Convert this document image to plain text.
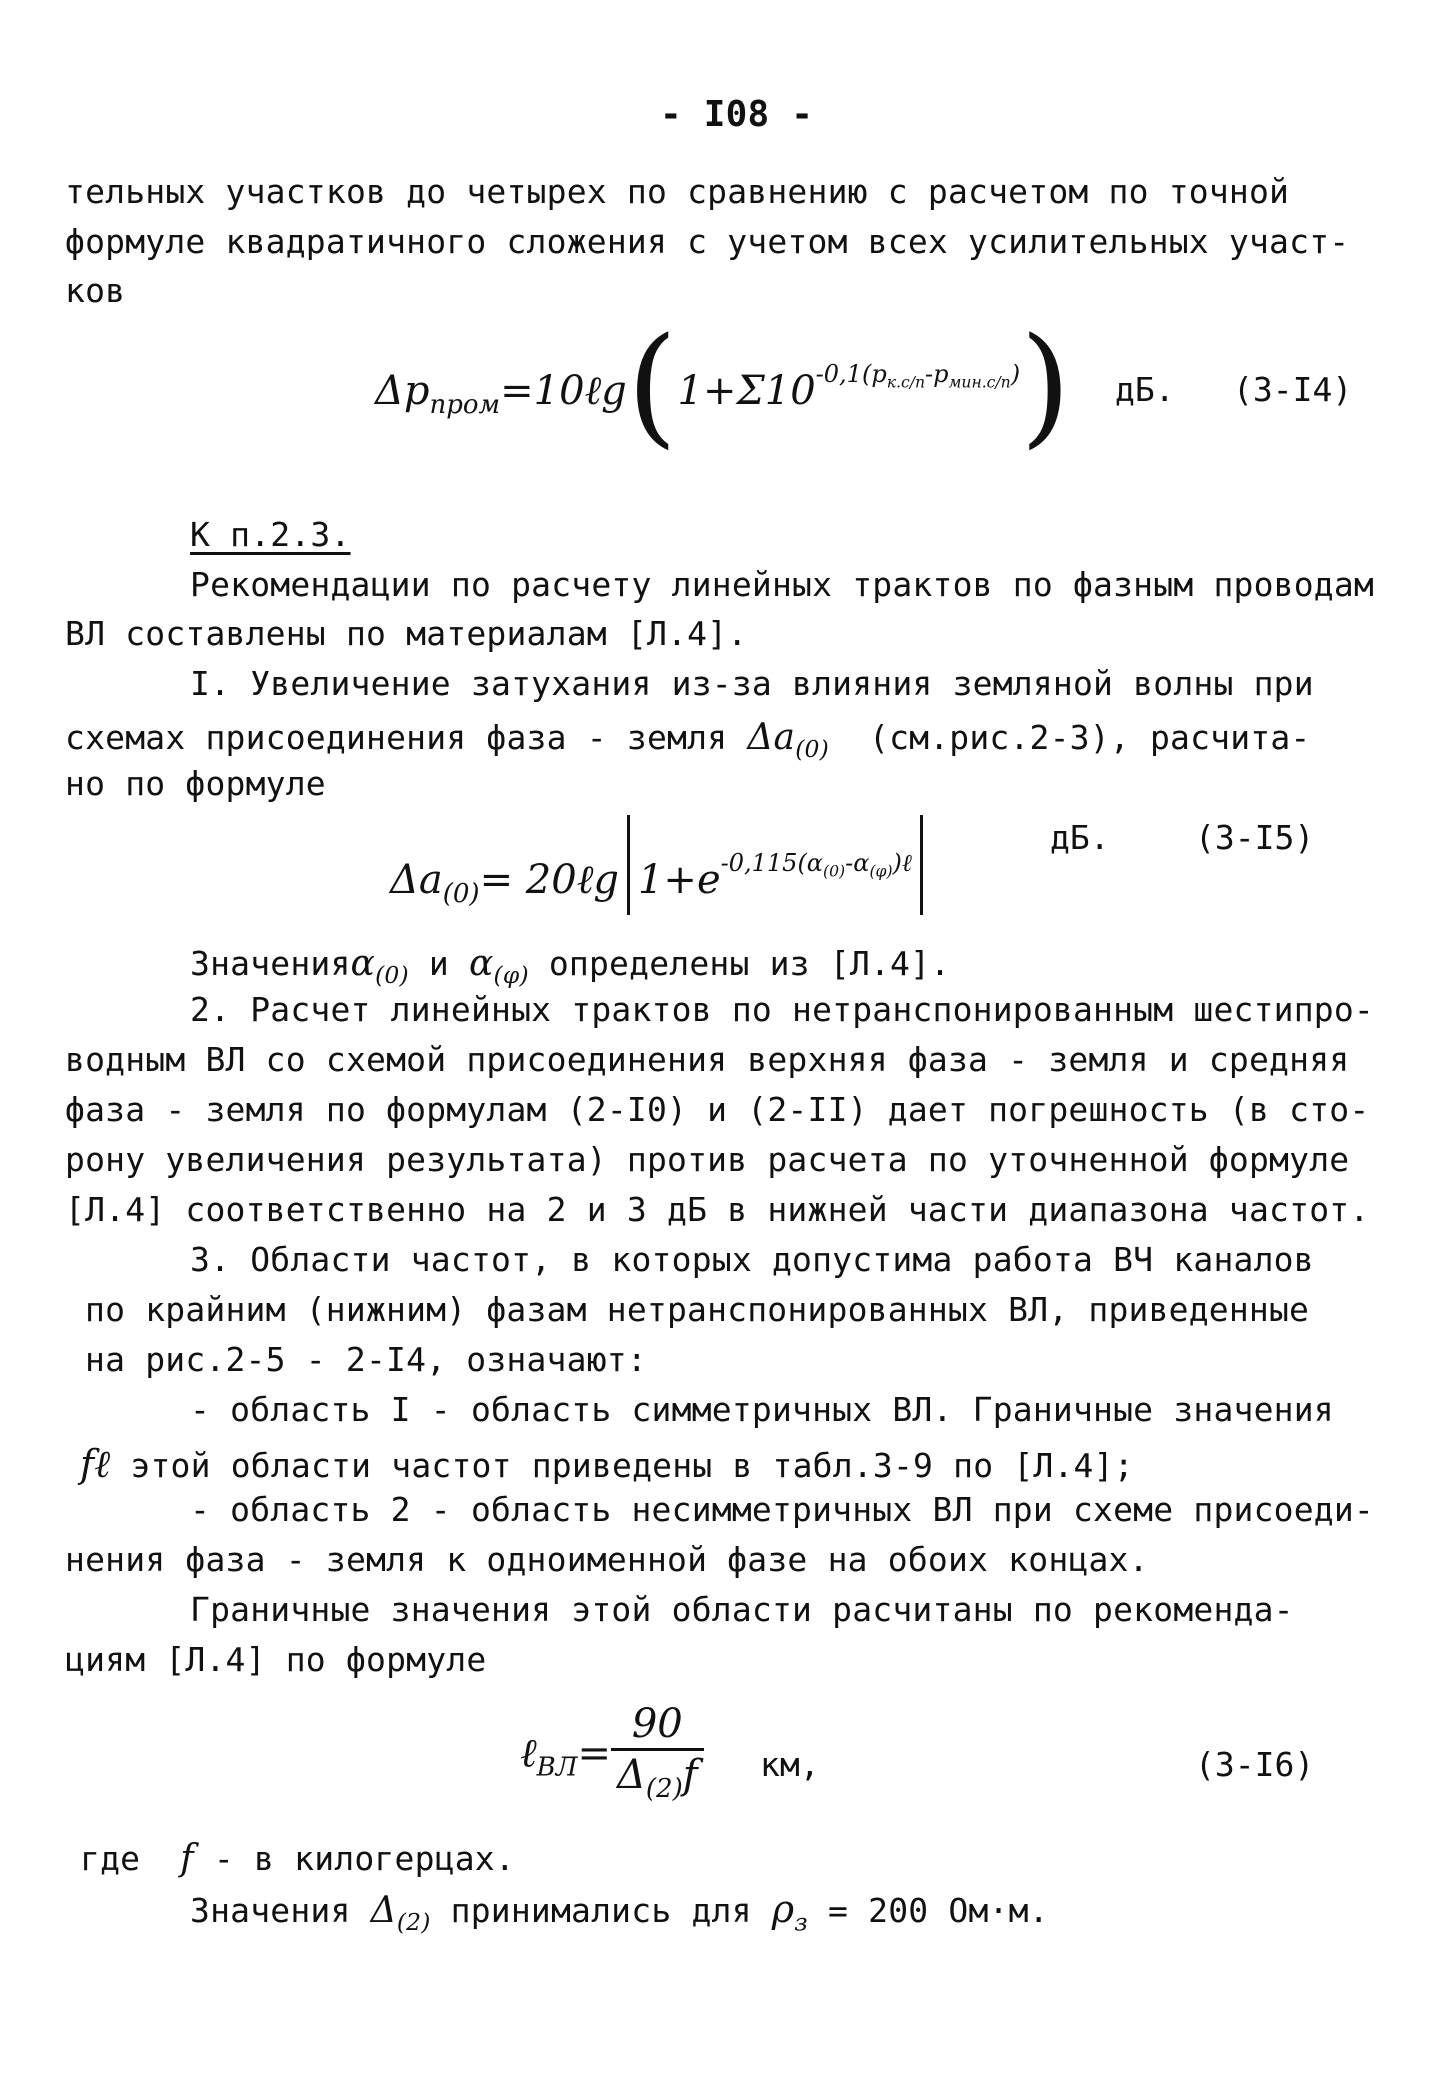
- I08 -
тельных участков до четырех по сравнению с расчетом по точной
формуле квадратичного сложения с учетом всех усилительных участ-
ков
$\Delta p_{пром}=10\ell g(1+\Sigma 10^{-0,1(p_{к.с/п}-p_{мин.с/п})})$ дБ. (3-I4)
К п.2.3.
Рекомендации по расчету линейных трактов по фазным проводам
ВЛ составлены по материалам [Л.4].
I. Увеличение затухания из-за влияния земляной волны при
схемах присоединения фаза - земля $\Delta a_{(0)}$ (см.рис.2-3), расчита-
но по формуле
$\Delta a_{(0)}=$ 20ℓg $1+e^{-0,115(\alpha_{(0)}-\alpha_{(\varphi)})\ell}$
дБ.	(3-I5)
Значенияα$_{(0)}$ и $\alpha_{(\varphi)}$ определены из [Л.4].
2. Расчет линейных трактов по нетранспонированным шестипро-
водным ВЛ со схемой присоединения верхняя фаза - земля и средняя
фаза - земля по формулам (2-I0) и (2-II) дает погрешность (в сто-
рону увеличения результата) против расчета по уточненной формуле
[Л.4] соответственно на 2 и 3 дБ в нижней части диапазона частот.
3. Области частот, в которых допустима работа ВЧ каналов
по крайним (нижним) фазам нетранспонированных ВЛ, приведенные
на рис.2-5 - 2-I4, означают:
- область I - область симметричных ВЛ. Граничные значения
fℓ этой области частот приведены в табл.3-9 по [Л.4];
- область 2 - область несимметричных ВЛ при схеме присоеди-
нения фаза - земля к одноименной фазе на обоих концах.
Граничные значения этой области расчитаны по рекоменда-
циям [Л.4] по формуле
ℓ$_{ВЛ}$= $\frac{90}{\Delta_{(2)}f}$ км,	(3-I6)
где f - в килогерцах.
Значения $\Delta_{(2)}$ принимались для $\rho_з = 200$ Ом·м.
